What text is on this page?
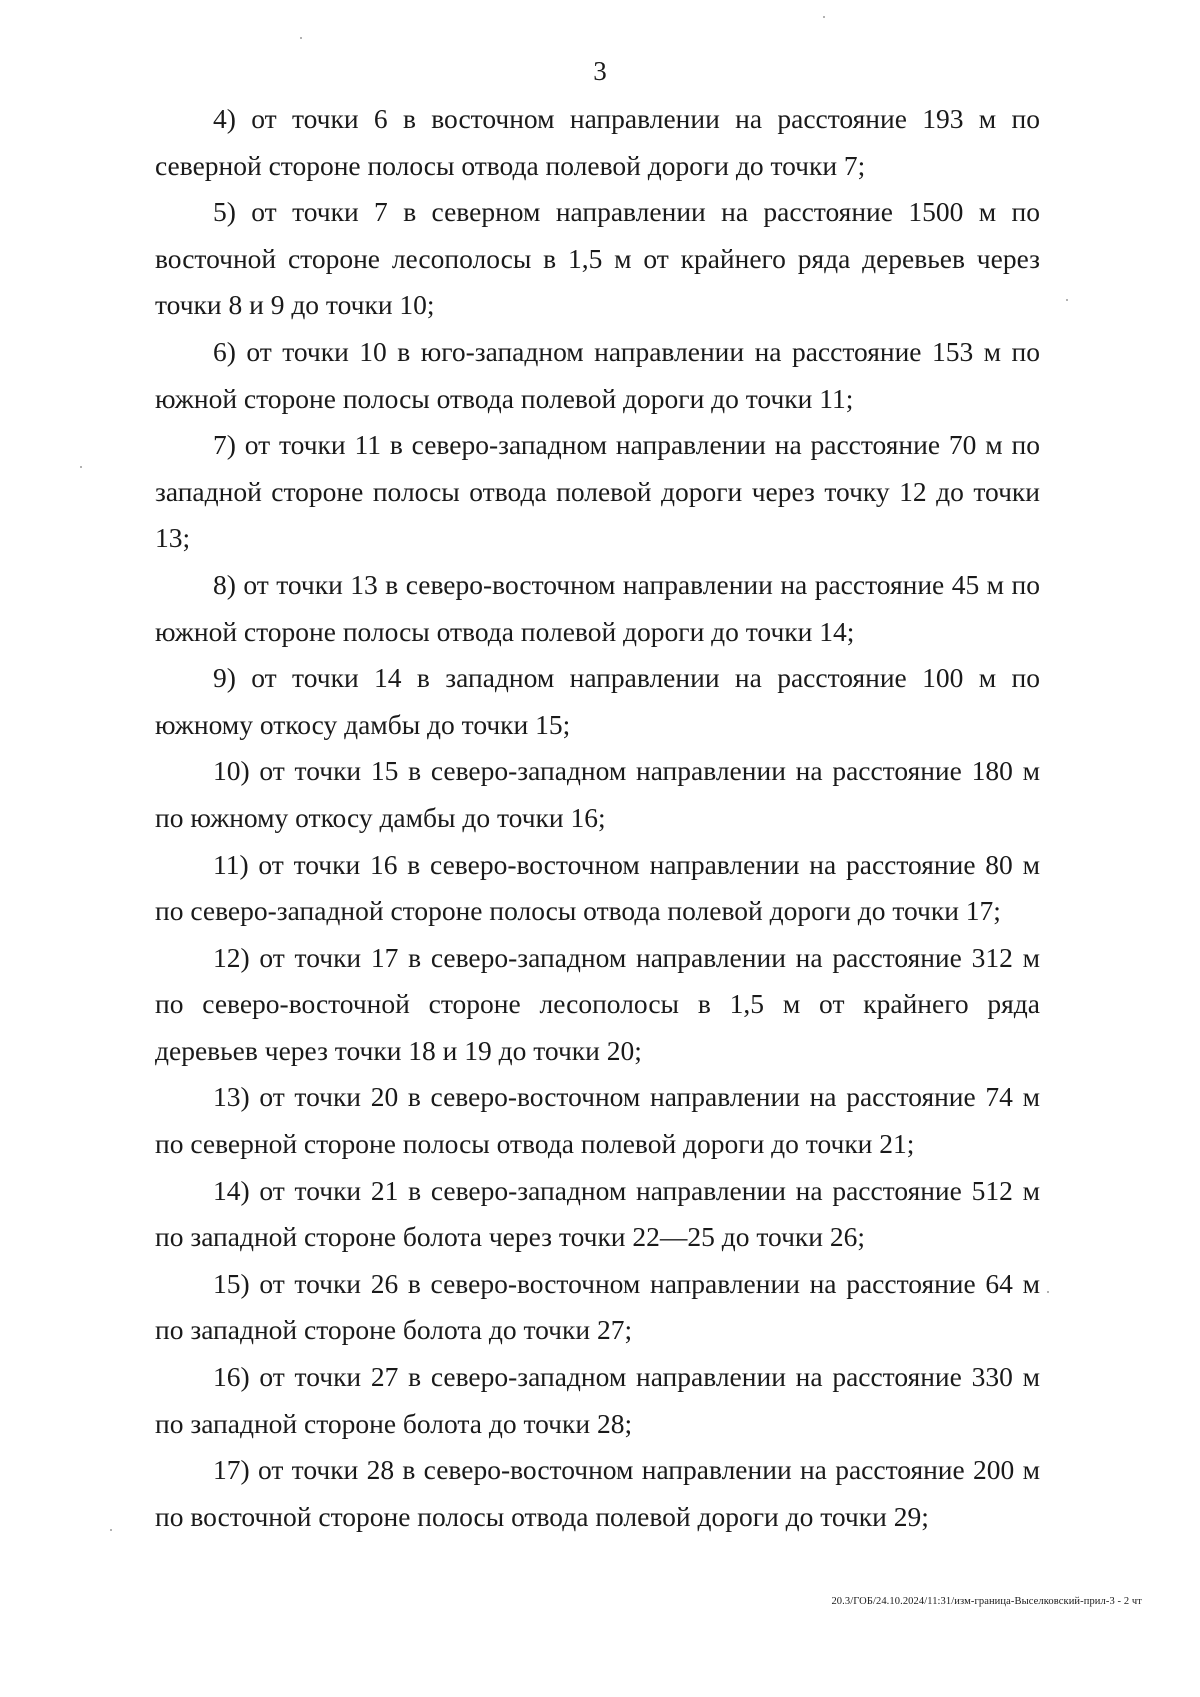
3

4) от точки 6 в восточном направлении на расстояние 193 м по северной стороне полосы отвода полевой дороги до точки 7;

5) от точки 7 в северном направлении на расстояние 1500 м по восточной стороне лесополосы в 1,5 м от крайнего ряда деревьев через точки 8 и 9 до точки 10;

6) от точки 10 в юго-западном направлении на расстояние 153 м по южной стороне полосы отвода полевой дороги до точки 11;

7) от точки 11 в северо-западном направлении на расстояние 70 м по западной стороне полосы отвода полевой дороги через точку 12 до точки 13;

8) от точки 13 в северо-восточном направлении на расстояние 45 м по южной стороне полосы отвода полевой дороги до точки 14;

9) от точки 14 в западном направлении на расстояние 100 м по южному откосу дамбы до точки 15;

10) от точки 15 в северо-западном направлении на расстояние 180 м по южному откосу дамбы до точки 16;

11) от точки 16 в северо-восточном направлении на расстояние 80 м по северо-западной стороне полосы отвода полевой дороги до точки 17;

12) от точки 17 в северо-западном направлении на расстояние 312 м по северо-восточной стороне лесополосы в 1,5 м от крайнего ряда деревьев через точки 18 и 19 до точки 20;

13) от точки 20 в северо-восточном направлении на расстояние 74 м по северной стороне полосы отвода полевой дороги до точки 21;

14) от точки 21 в северо-западном направлении на расстояние 512 м по западной стороне болота через точки 22—25 до точки 26;

15) от точки 26 в северо-восточном направлении на расстояние 64 м по западной стороне болота до точки 27;

16) от точки 27 в северо-западном направлении на расстояние 330 м по западной стороне болота до точки 28;

17) от точки 28 в северо-восточном направлении на расстояние 200 м по восточной стороне полосы отвода полевой дороги до точки 29;

20.3/ГОБ/24.10.2024/11:31/изм-граница-Выселковский-прил-3 - 2 чт
